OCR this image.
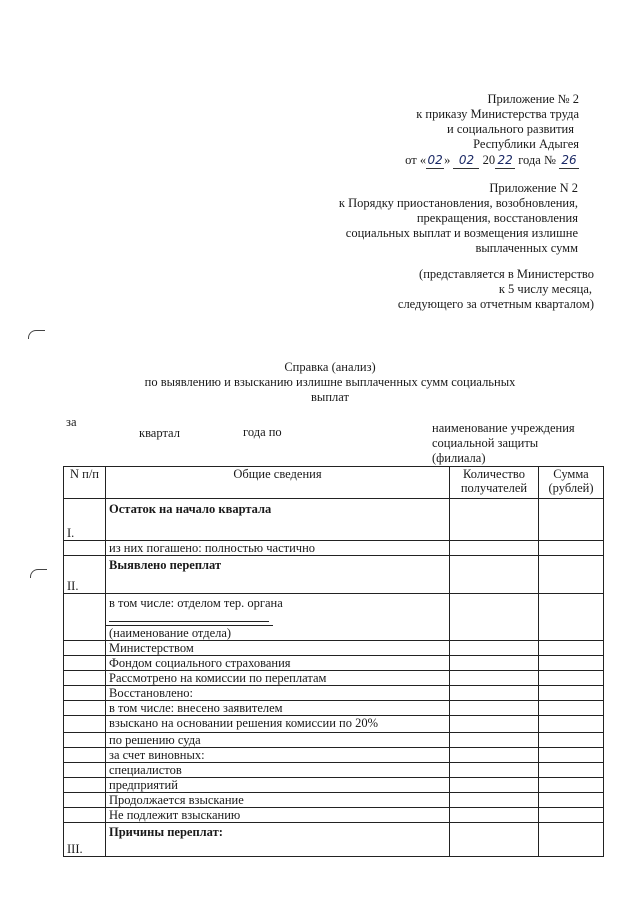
Приложение № 2
к приказу Министерства труда
и социального развития
Республики Адыгея
от «02» 02 20 22 года № 26
Приложение N 2
к Порядку приостановления, возобновления,
прекращения, восстановления
социальных выплат и возмещения излишне
выплаченных сумм
(представляется в Министерство
к 5 числу месяца,
следующего за отчетным кварталом)
Справка (анализ)
по выявлению и взысканию излишне выплаченных сумм социальных
выплат
за
квартал	года по	наименование учреждения
социальной защиты
(филиала)
N п/п	Общие сведения	Количество получателей	Сумма (рублей)
I.	Остаток на начало квартала		
	из них погашено: полностью частично		
II.	Выявлено переплат		

	в том числе: отделом тер. органа
(наименование отдела)		

	Министерством		
	Фондом социального страхования		
	Рассмотрено на комиссии по переплатам		
	Восстановлено:		
	в том числе: внесено заявителем		
	взыскано на основании решения комиссии по 20%		
	по решению суда		
	за счет виновных:		
	специалистов		
	предприятий		
	Продолжается взыскание		
	Не подлежит взысканию		
III.	Причины переплат:		
